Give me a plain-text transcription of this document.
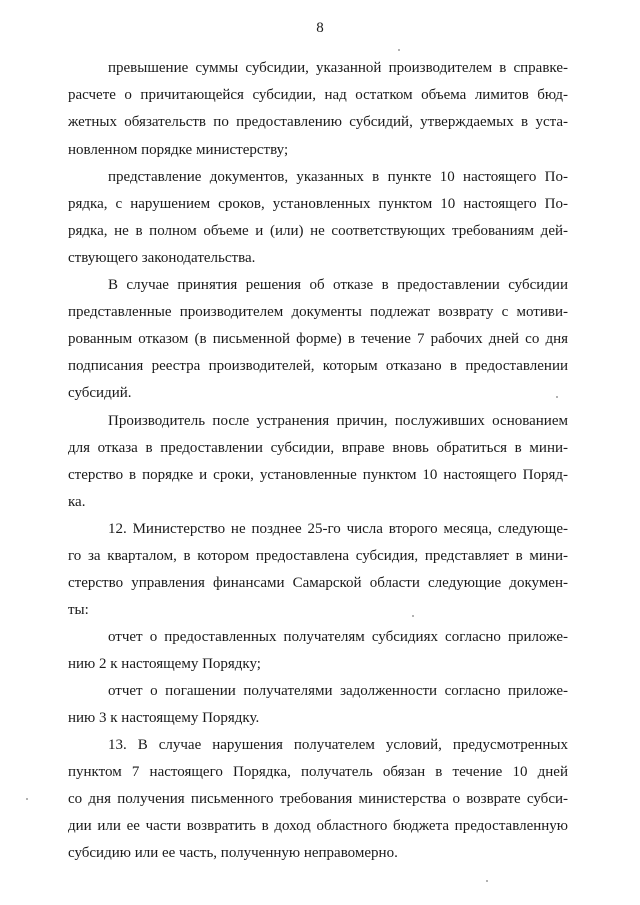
8
превышение суммы субсидии, указанной производителем в справке-
расчете о причитающейся субсидии, над остатком объема лимитов бюд-
жетных обязательств по предоставлению субсидий, утверждаемых в уста-
новленном порядке министерству;
представление документов, указанных в пункте 10 настоящего По-
рядка, с нарушением сроков, установленных пунктом 10 настоящего По-
рядка, не в полном объеме и (или) не соответствующих требованиям дей-
ствующего законодательства.
В случае принятия решения об отказе в предоставлении субсидии
представленные производителем документы подлежат возврату с мотиви-
рованным отказом (в письменной форме) в течение 7 рабочих дней со дня
подписания реестра производителей, которым отказано в предоставлении
субсидий.
Производитель после устранения причин, послуживших основанием
для отказа в предоставлении субсидии, вправе вновь обратиться в мини-
стерство в порядке и сроки, установленные пунктом 10 настоящего Поряд-
ка.
12. Министерство не позднее 25-го числа второго месяца, следующе-
го за кварталом, в котором предоставлена субсидия, представляет в мини-
стерство управления финансами Самарской области следующие докумен-
ты:
отчет о предоставленных получателям субсидиях согласно приложе-
нию 2 к настоящему Порядку;
отчет о погашении получателями задолженности согласно приложе-
нию 3 к настоящему Порядку.
13. В случае нарушения получателем условий, предусмотренных
пунктом 7 настоящего Порядка, получатель обязан в течение 10 дней
со дня получения письменного требования министерства о возврате субси-
дии или ее части возвратить в доход областного бюджета предоставленную
субсидию или ее часть, полученную неправомерно.
